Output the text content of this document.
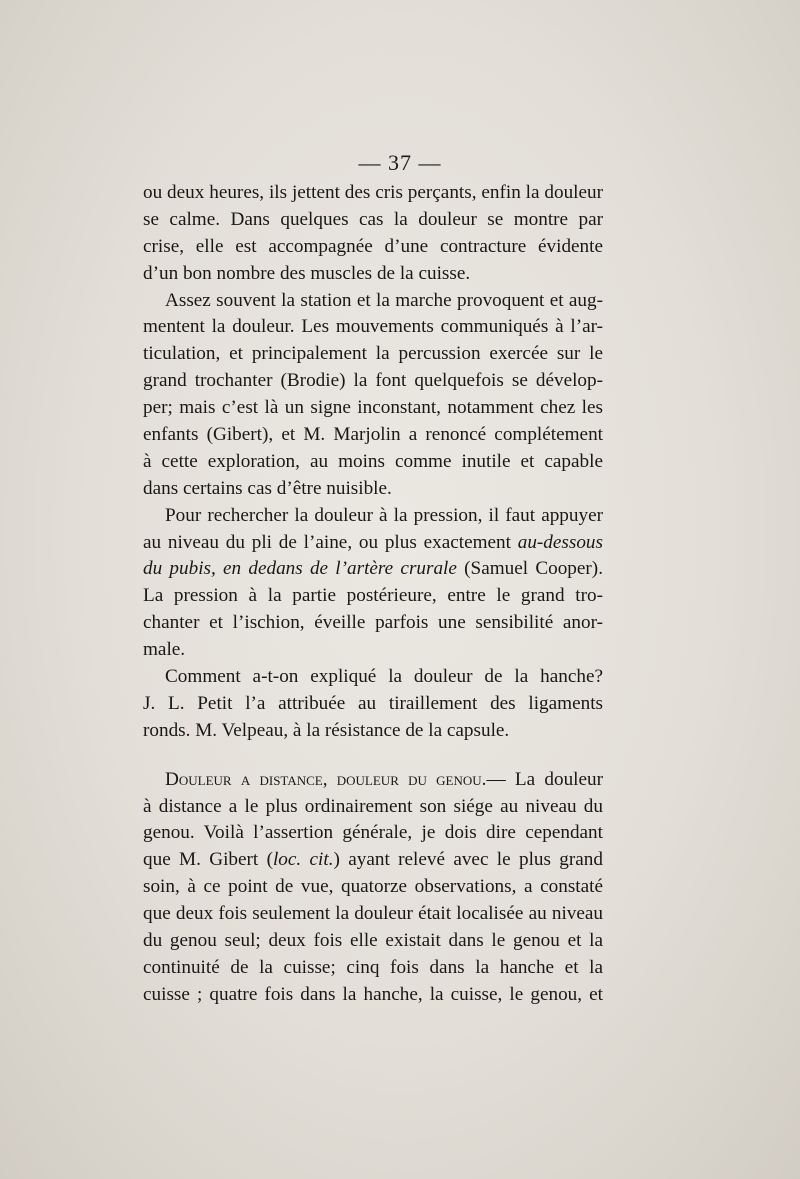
— 37 —
ou deux heures, ils jettent des cris perçants, enfin la douleur
se calme. Dans quelques cas la douleur se montre par
crise, elle est accompagnée d’une contracture évidente
d’un bon nombre des muscles de la cuisse.
Assez souvent la station et la marche provoquent et aug-
mentent la douleur. Les mouvements communiqués à l’ar-
ticulation, et principalement la percussion exercée sur le
grand trochanter (Brodie) la font quelquefois se dévelop-
per; mais c’est là un signe inconstant, notamment chez les
enfants (Gibert), et M. Marjolin a renoncé complétement
à cette exploration, au moins comme inutile et capable
dans certains cas d’être nuisible.
Pour rechercher la douleur à la pression, il faut appuyer
au niveau du pli de l’aine, ou plus exactement au-dessous
du pubis, en dedans de l’artère crurale (Samuel Cooper).
La pression à la partie postérieure, entre le grand tro-
chanter et l’ischion, éveille parfois une sensibilité anor-
male.
Comment a-t-on expliqué la douleur de la hanche?
J. L. Petit l’a attribuée au tiraillement des ligaments
ronds. M. Velpeau, à la résistance de la capsule.
Douleur a distance, douleur du genou.— La douleur
à distance a le plus ordinairement son siége au niveau du
genou. Voilà l’assertion générale, je dois dire cependant
que M. Gibert (loc. cit.) ayant relevé avec le plus grand
soin, à ce point de vue, quatorze observations, a constaté
que deux fois seulement la douleur était localisée au niveau
du genou seul; deux fois elle existait dans le genou et la
continuité de la cuisse; cinq fois dans la hanche et la
cuisse ; quatre fois dans la hanche, la cuisse, le genou, et
